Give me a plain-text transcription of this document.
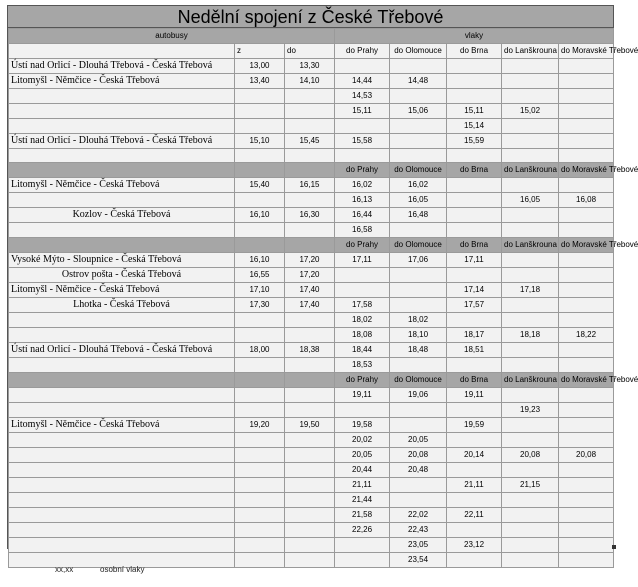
Nedělní spojení z České Třebové
autobusy			vlaky				
	z	do	do Prahy	do Olomouce	do Brna	do Lanškrouna	do Moravské Třebové
Ústí nad Orlicí - Dlouhá Třebová - Česká Třebová	13,00	13,30					
Litomyšl - Němčice - Česká Třebová	13,40	14,10	14,44	14,48			
			14,53				
			15,11	15,06	15,11	15,02	
					15,14		
Ústí nad Orlicí - Dlouhá Třebová - Česká Třebová	15,10	15,45	15,58		15,59		

			do Prahy	do Olomouce	do Brna	do Lanškrouna	do Moravské Třebové
Litomyšl - Němčice - Česká Třebová	15,40	16,15	16,02	16,02			
			16,13	16,05		16,05	16,08
Kozlov - Česká Třebová	16,10	16,30	16,44	16,48			
			16,58				
			do Prahy	do Olomouce	do Brna	do Lanškrouna	do Moravské Třebové
Vysoké Mýto - Sloupnice - Česká Třebová	16,10	17,20	17,11	17,06	17,11		
Ostrov pošta - Česká Třebová	16,55	17,20					
Litomyšl - Němčice - Česká Třebová	17,10	17,40			17,14	17,18	
Lhotka - Česká Třebová	17,30	17,40	17,58		17,57		
			18,02	18,02			
			18,08	18,10	18,17	18,18	18,22
Ústí nad Orlicí - Dlouhá Třebová - Česká Třebová	18,00	18,38	18,44	18,48	18,51		
			18,53				
			do Prahy	do Olomouce	do Brna	do Lanškrouna	do Moravské Třebové
			19,11	19,06	19,11		
						19,23	
Litomyšl - Němčice - Česká Třebová	19,20	19,50	19,58		19,59		
			20,02	20,05			
			20,05	20,08	20,14	20,08	20,08
			20,44	20,48			
			21,11		21,11	21,15	
			21,44				
			21,58	22,02	22,11		
			22,26	22,43			
				23,05	23,12		
				23,54			
xx,xx	osobní vlaky
